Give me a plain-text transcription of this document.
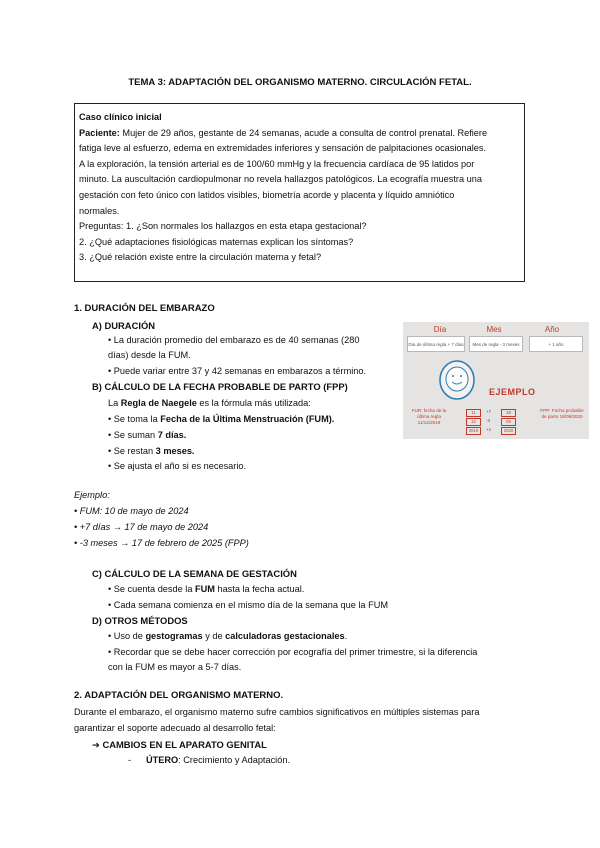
TEMA 3: ADAPTACIÓN DEL ORGANISMO MATERNO. CIRCULACIÓN FETAL.

Caso clínico inicial

Paciente: Mujer de 29 años, gestante de 24 semanas, acude a consulta de control prenatal. Refiere

fatiga leve al esfuerzo, edema en extremidades inferiores y sensación de palpitaciones ocasionales.

A la exploración, la tensión arterial es de 100/60 mmHg y la frecuencia cardíaca de 95 latidos por

minuto. La auscultación cardiopulmonar no revela hallazgos patológicos. La ecografía muestra una

gestación con feto único con latidos visibles, biometría acorde y placenta y líquido amniótico

normales.

Preguntas: 1. ¿Son normales los hallazgos en esta etapa gestacional?

2. ¿Qué adaptaciones fisiológicas maternas explican los síntomas?

3. ¿Qué relación existe entre la circulación materna y fetal?

1. DURACIÓN DEL EMBARAZO
A) DURACIÓN
• La duración promedio del embarazo es de 40 semanas (280
días) desde la FUM.
• Puede variar entre 37 y 42 semanas en embarazos a término.
B) CÁLCULO DE LA FECHA PROBABLE DE PARTO (FPP)
La Regla de Naegele es la fórmula más utilizada:
• Se toma la Fecha de la Última Menstruación (FUM).
• Se suman 7 días.
• Se restan 3 meses.
• Se ajusta el año si es necesario.
Día	Mes	Año
Día de última regla + 7 días	Mes de regla - 3 meses	+ 1 año
EJEMPLO
FUR: fecha de la última regla 11/12/2019
11	+7	18
12	-3	09
2019	+1	2020
FPP: Fecha probable de parto 18/09/2020
Ejemplo:
• FUM: 10 de mayo de 2024
• +7 días → 17 de mayo de 2024
• -3 meses → 17 de febrero de 2025 (FPP)
C) CÁLCULO DE LA SEMANA DE GESTACIÓN
• Se cuenta desde la FUM hasta la fecha actual.
• Cada semana comienza en el mismo día de la semana que la FUM
D) OTROS MÉTODOS
• Uso de gestogramas y de calculadoras gestacionales.
• Recordar que se debe hacer corrección por ecografía del primer trimestre, si la diferencia
con la FUM es mayor a 5-7 días.
2. ADAPTACIÓN DEL ORGANISMO MATERNO.
Durante el embarazo, el organismo materno sufre cambios significativos en múltiples sistemas para
garantizar el soporte adecuado al desarrollo fetal:
➔ CAMBIOS EN EL APARATO GENITAL
- ÚTERO: Crecimiento y Adaptación.
